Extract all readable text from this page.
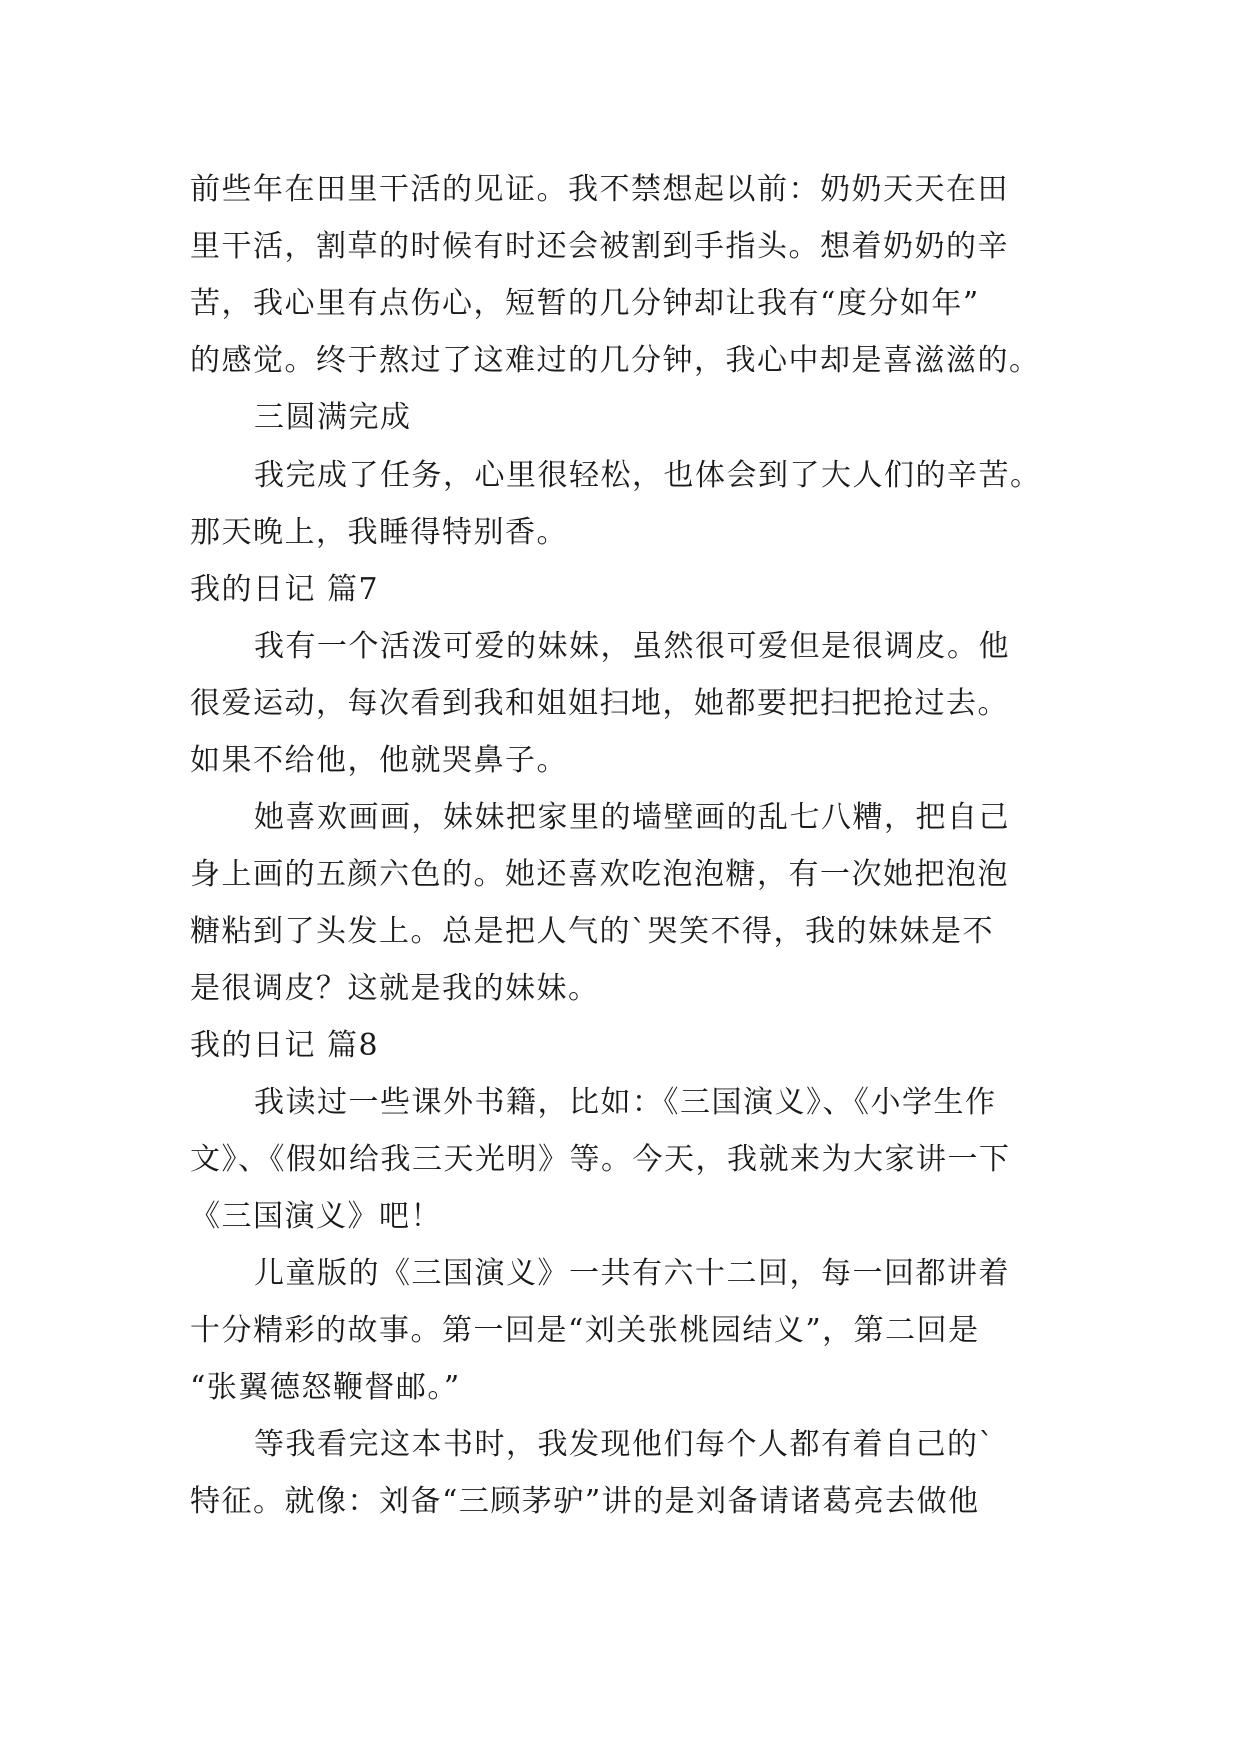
前些年在田里干活的见证。我不禁想起以前：奶奶天天在田
里干活，割草的时候有时还会被割到手指头。想着奶奶的辛
苦，我心里有点伤心，短暂的几分钟却让我有“度分如年”
的感觉。终于熬过了这难过的几分钟，我心中却是喜滋滋的。
三圆满完成
我完成了任务，心里很轻松，也体会到了大人们的辛苦。
那天晚上，我睡得特别香。
我的日记 篇7
我有一个活泼可爱的妹妹，虽然很可爱但是很调皮。他
很爱运动，每次看到我和姐姐扫地，她都要把扫把抢过去。
如果不给他，他就哭鼻子。
她喜欢画画，妹妹把家里的墙壁画的乱七八糟，把自己
身上画的五颜六色的。她还喜欢吃泡泡糖，有一次她把泡泡
糖粘到了头发上。总是把人气的`哭笑不得，我的妹妹是不
是很调皮？这就是我的妹妹。
我的日记 篇8
我读过一些课外书籍，比如：《三国演义》、《小学生作
文》、《假如给我三天光明》等。今天，我就来为大家讲一下
《三国演义》吧！
儿童版的《三国演义》一共有六十二回，每一回都讲着
十分精彩的故事。第一回是“刘关张桃园结义”，第二回是
“张翼德怒鞭督邮。”
等我看完这本书时，我发现他们每个人都有着自己的`
特征。就像：刘备“三顾茅驴”讲的是刘备请诸葛亮去做他
